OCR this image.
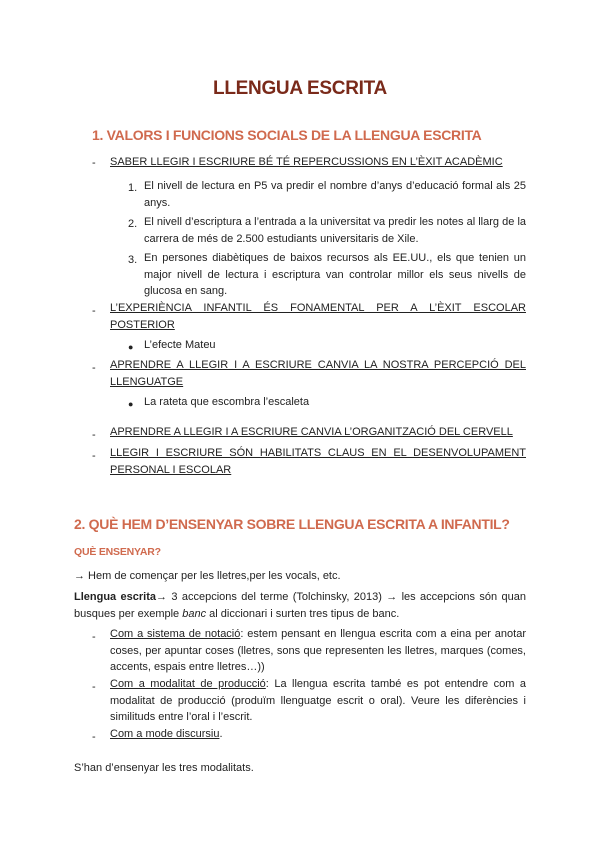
LLENGUA ESCRITA
1. VALORS I FUNCIONS SOCIALS DE LA LLENGUA ESCRITA
- SABER LLEGIR I ESCRIURE BÉ TÉ REPERCUSSIONS EN L’ÈXIT ACADÈMIC
1. El nivell de lectura en P5 va predir el nombre d’anys d’educació formal als 25 anys.
2. El nivell d’escriptura a l’entrada a la universitat va predir les notes al llarg de la carrera de més de 2.500 estudiants universitaris de Xile.
3. En persones diabètiques de baixos recursos als EE.UU., els que tenien un major nivell de lectura i escriptura van controlar millor els seus nivells de glucosa en sang.
- L’EXPERIÈNCIA INFANTIL ÉS FONAMENTAL PER A L’ÈXIT ESCOLAR POSTERIOR
● L’efecte Mateu
- APRENDRE A LLEGIR I A ESCRIURE CANVIA LA NOSTRA PERCEPCIÓ DEL LLENGUATGE
● La rateta que escombra l’escaleta
- APRENDRE A LLEGIR I A ESCRIURE CANVIA L’ORGANITZACIÓ DEL CERVELL
- LLEGIR I ESCRIURE SÓN HABILITATS CLAUS EN EL DESENVOLUPAMENT PERSONAL I ESCOLAR
2. QUÈ HEM D’ENSENYAR SOBRE LLENGUA ESCRITA A INFANTIL?
QUÈ ENSENYAR?
→ Hem de començar per les lletres,per les vocals, etc.
Llengua escrita→ 3 accepcions del terme (Tolchinsky, 2013) → les accepcions són quan busques per exemple banc al diccionari i surten tres tipus de banc.
- Com a sistema de notació: estem pensant en llengua escrita com a eina per anotar coses, per apuntar coses (lletres, sons que representen les lletres, marques (comes, accents, espais entre lletres…))
- Com a modalitat de producció: La llengua escrita també es pot entendre com a modalitat de producció (produïm llenguatge escrit o oral). Veure les diferències i similituds entre l’oral i l’escrit.
- Com a mode discursiu.
S’han d’ensenyar les tres modalitats.
